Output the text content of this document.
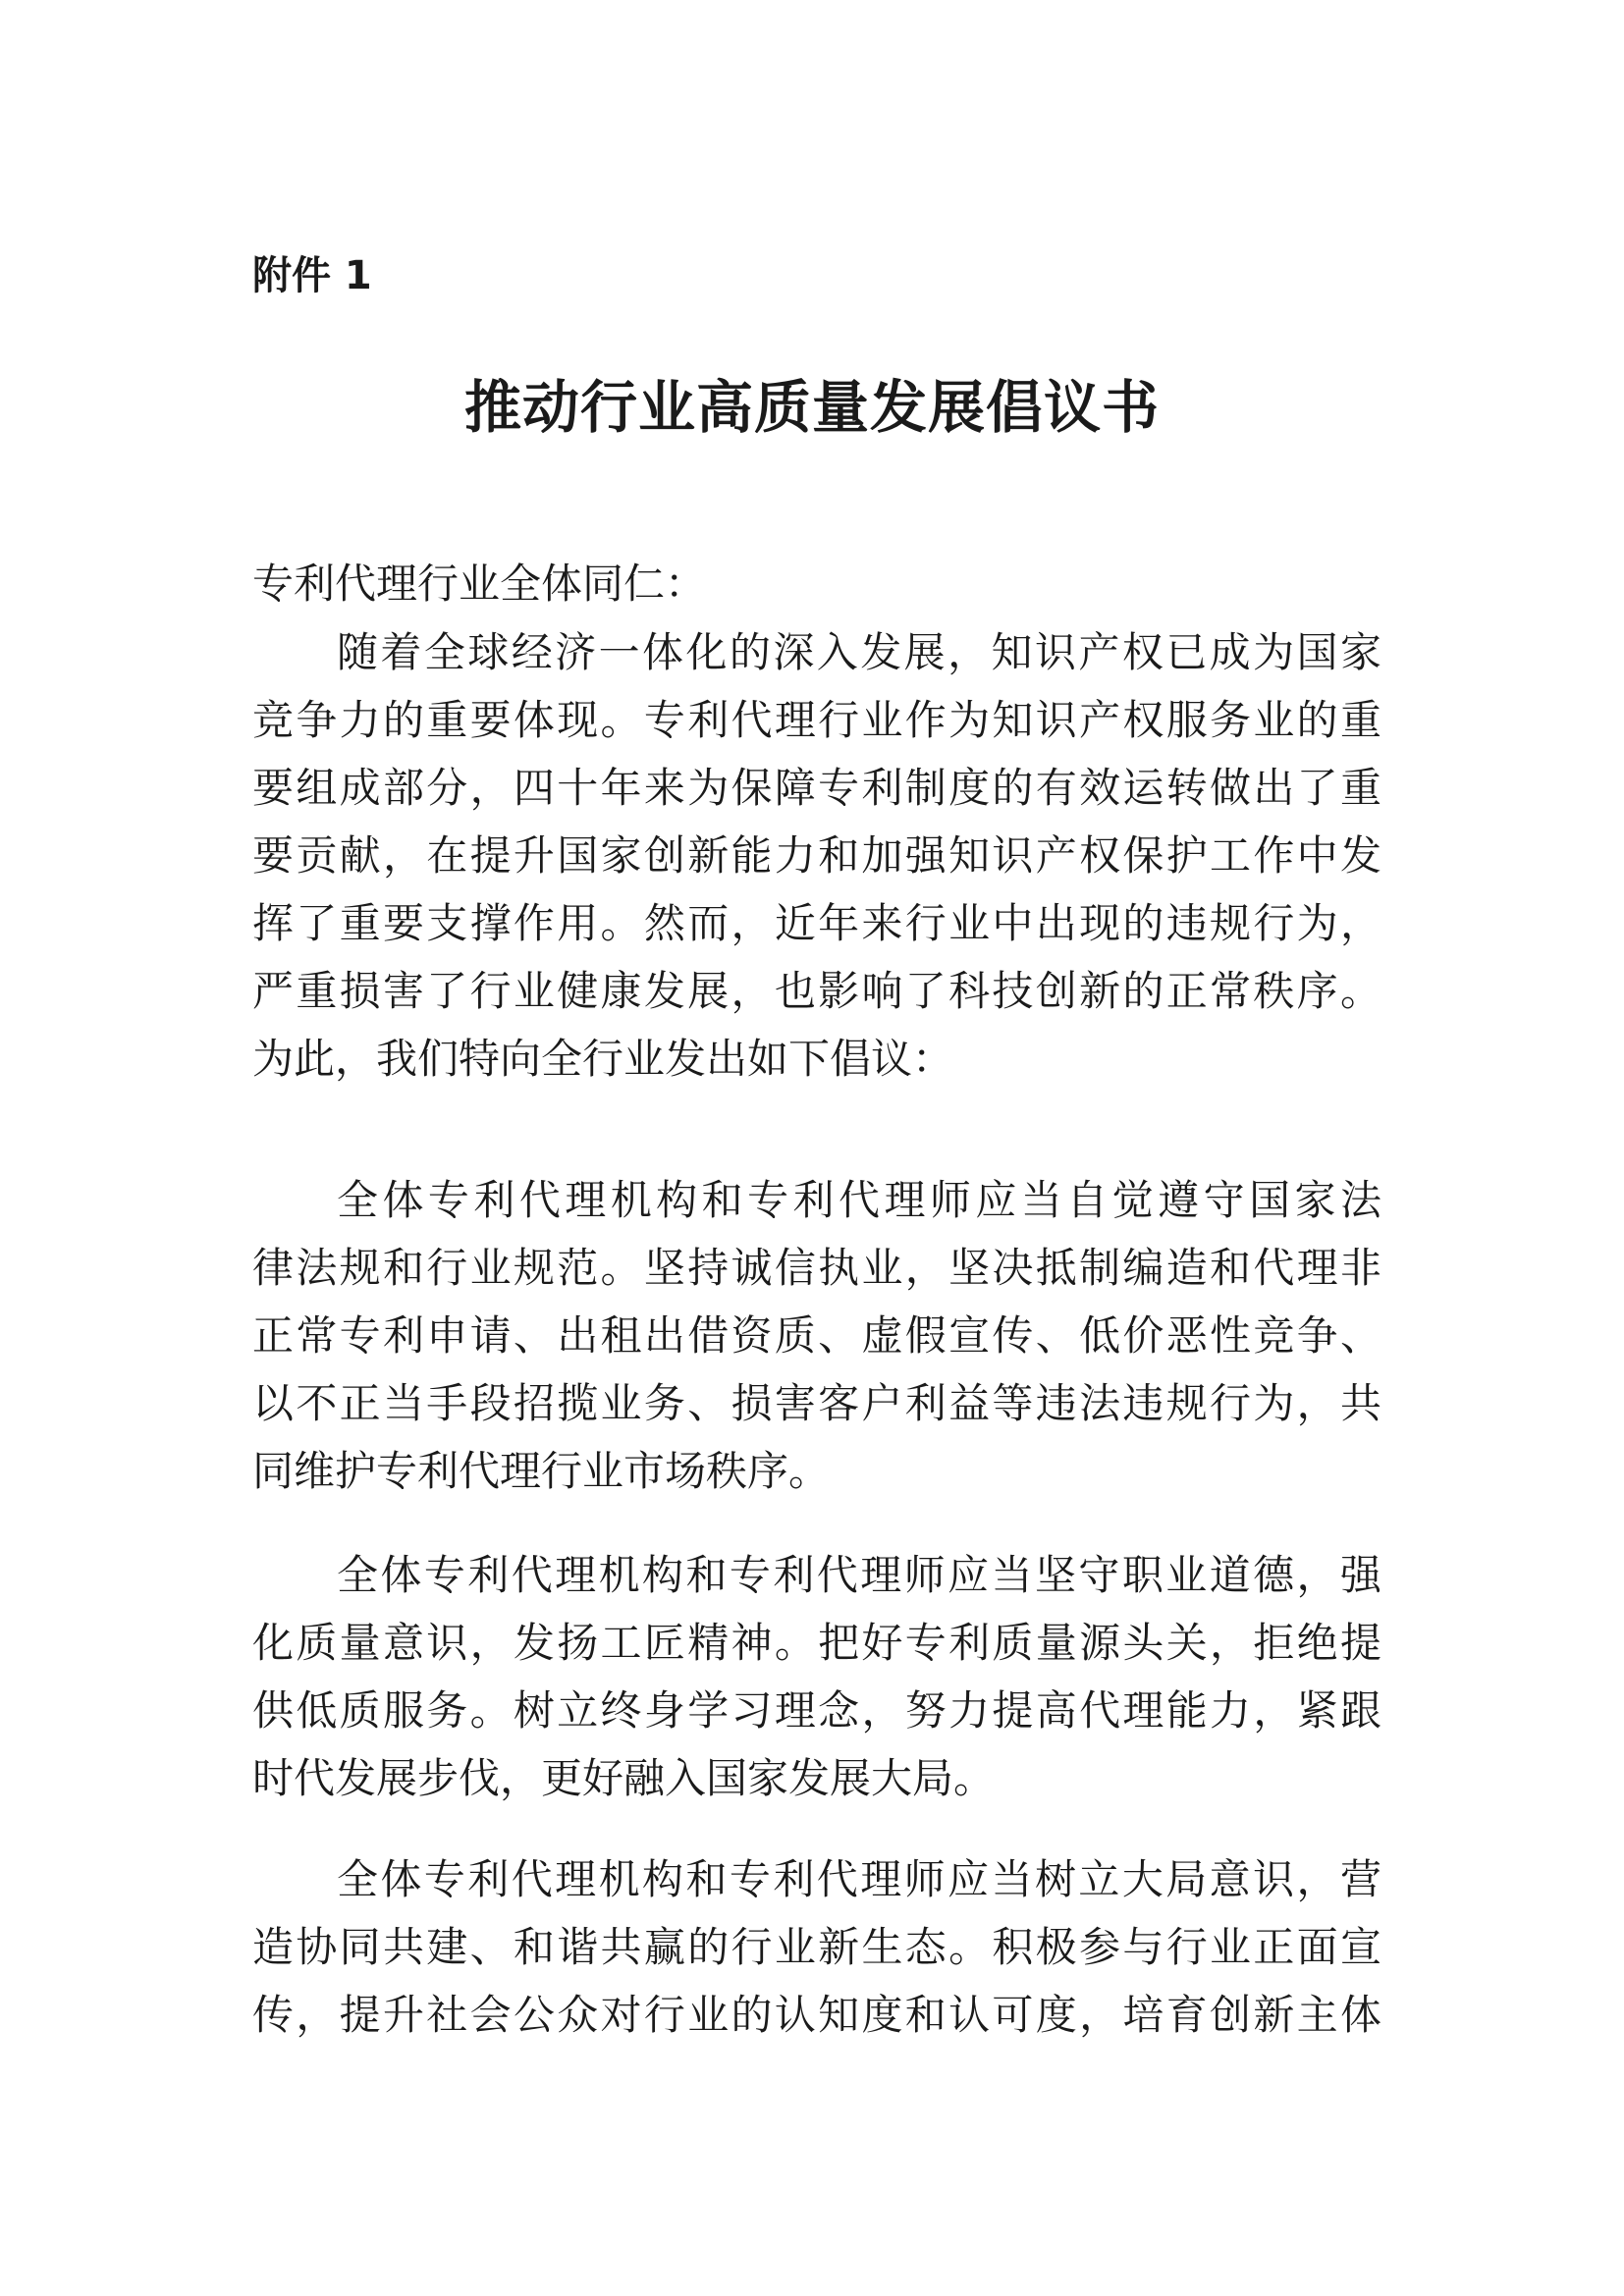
附件 1
推动行业高质量发展倡议书
专利代理行业全体同仁：
随着全球经济一体化的深入发展，知识产权已成为国家
竞争力的重要体现。专利代理行业作为知识产权服务业的重
要组成部分，四十年来为保障专利制度的有效运转做出了重
要贡献，在提升国家创新能力和加强知识产权保护工作中发
挥了重要支撑作用。然而，近年来行业中出现的违规行为，
严重损害了行业健康发展，也影响了科技创新的正常秩序。
为此，我们特向全行业发出如下倡议：
全体专利代理机构和专利代理师应当自觉遵守国家法
律法规和行业规范。坚持诚信执业，坚决抵制编造和代理非
正常专利申请、出租出借资质、虚假宣传、低价恶性竞争、
以不正当手段招揽业务、损害客户利益等违法违规行为，共
同维护专利代理行业市场秩序。
全体专利代理机构和专利代理师应当坚守职业道德，强
化质量意识，发扬工匠精神。把好专利质量源头关，拒绝提
供低质服务。树立终身学习理念，努力提高代理能力，紧跟
时代发展步伐，更好融入国家发展大局。
全体专利代理机构和专利代理师应当树立大局意识，营
造协同共建、和谐共赢的行业新生态。积极参与行业正面宣
传，提升社会公众对行业的认知度和认可度，培育创新主体
